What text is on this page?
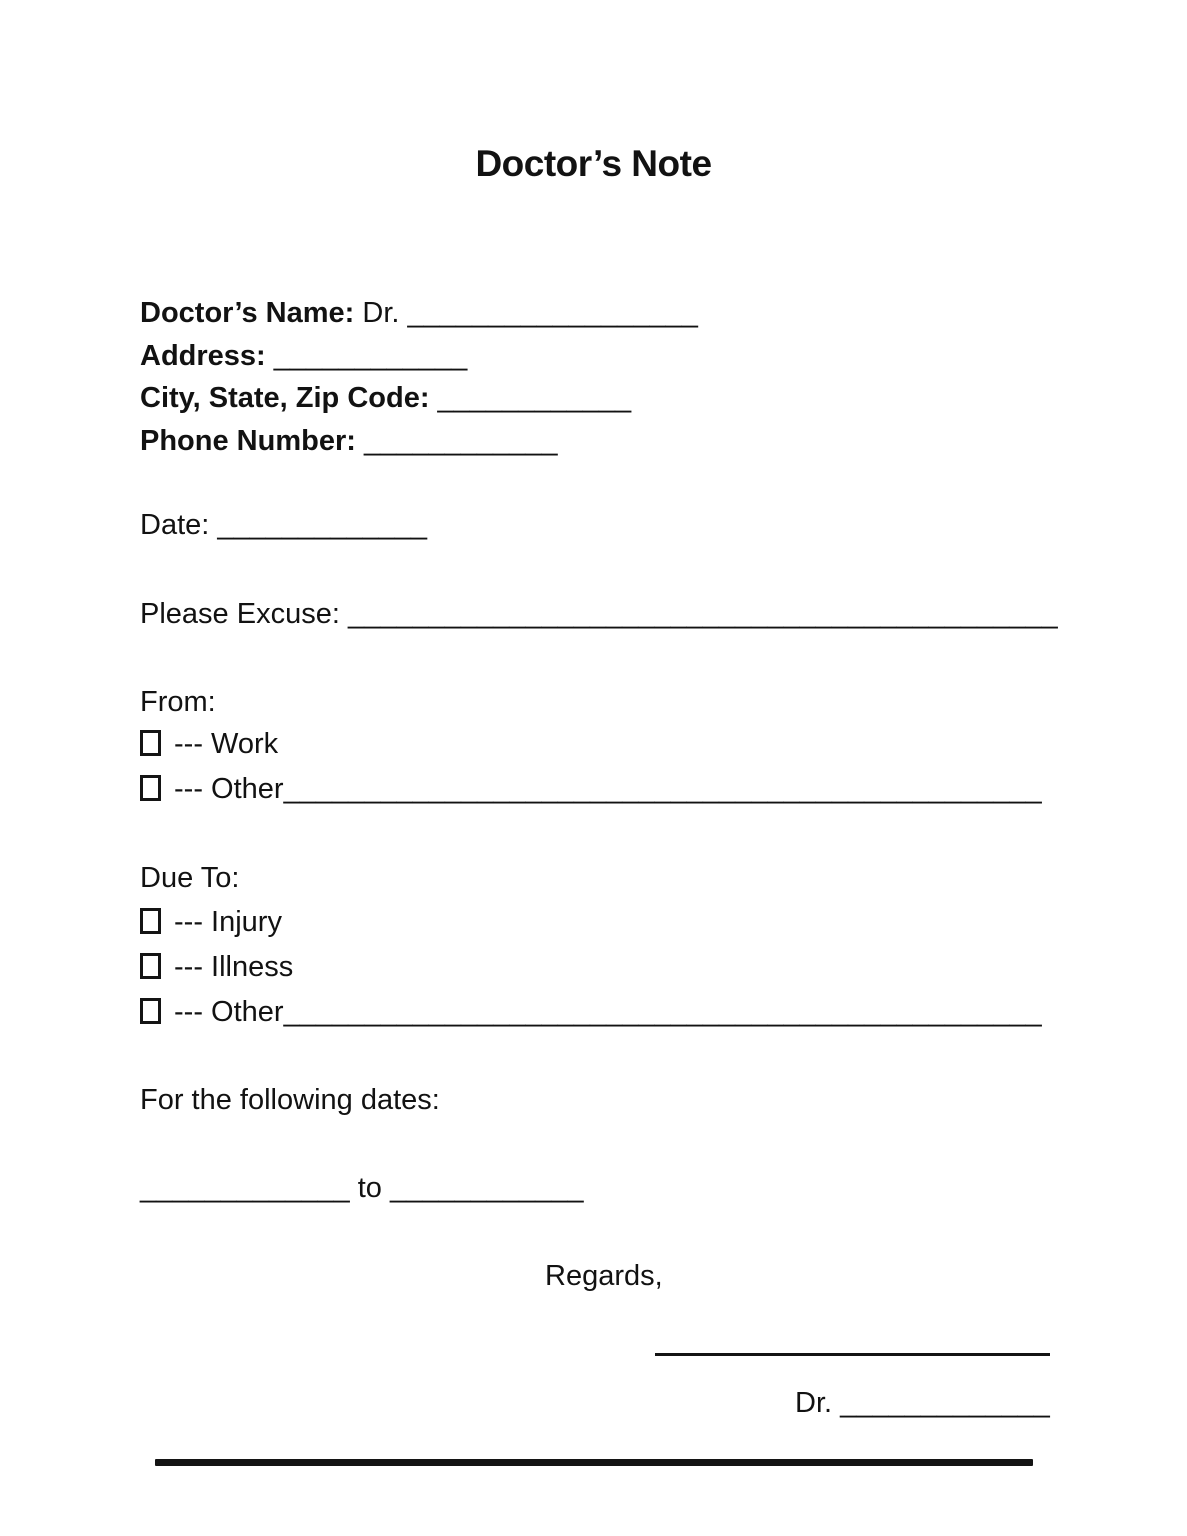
Doctor’s Note
Doctor’s Name: Dr. __________________
Address: ____________
City, State, Zip Code: ____________
Phone Number: ____________
Date: _____________
Please Excuse: ____________________________________________
From:
--- Work
--- Other_______________________________________________
Due To:
--- Injury
--- Illness
--- Other_______________________________________________
For the following dates:
_____________ to ____________
Regards,
Dr. _____________
